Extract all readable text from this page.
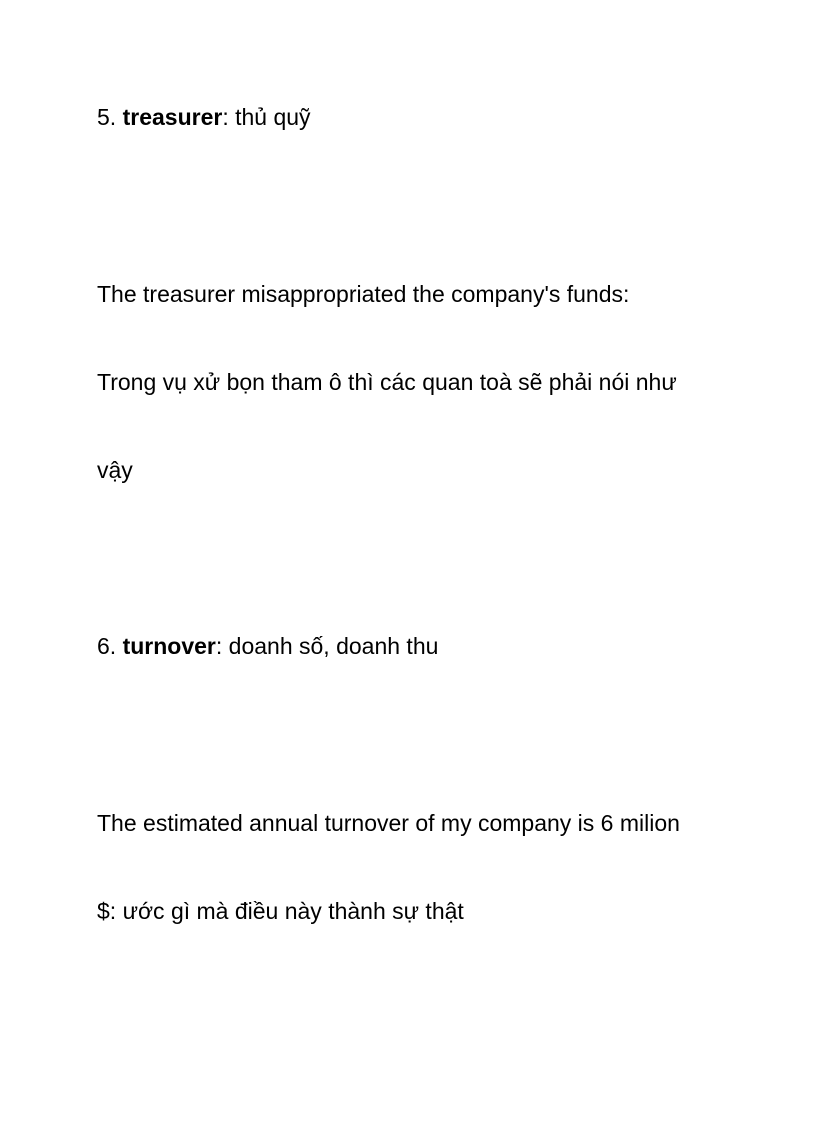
5. treasurer: thủ quỹ
The treasurer misappropriated the company's funds:
Trong vụ xử bọn tham ô thì các quan toà sẽ phải nói như
vậy
6. turnover: doanh số, doanh thu
The estimated annual turnover of my company is 6 milion
$: ước gì mà điều này thành sự thật
